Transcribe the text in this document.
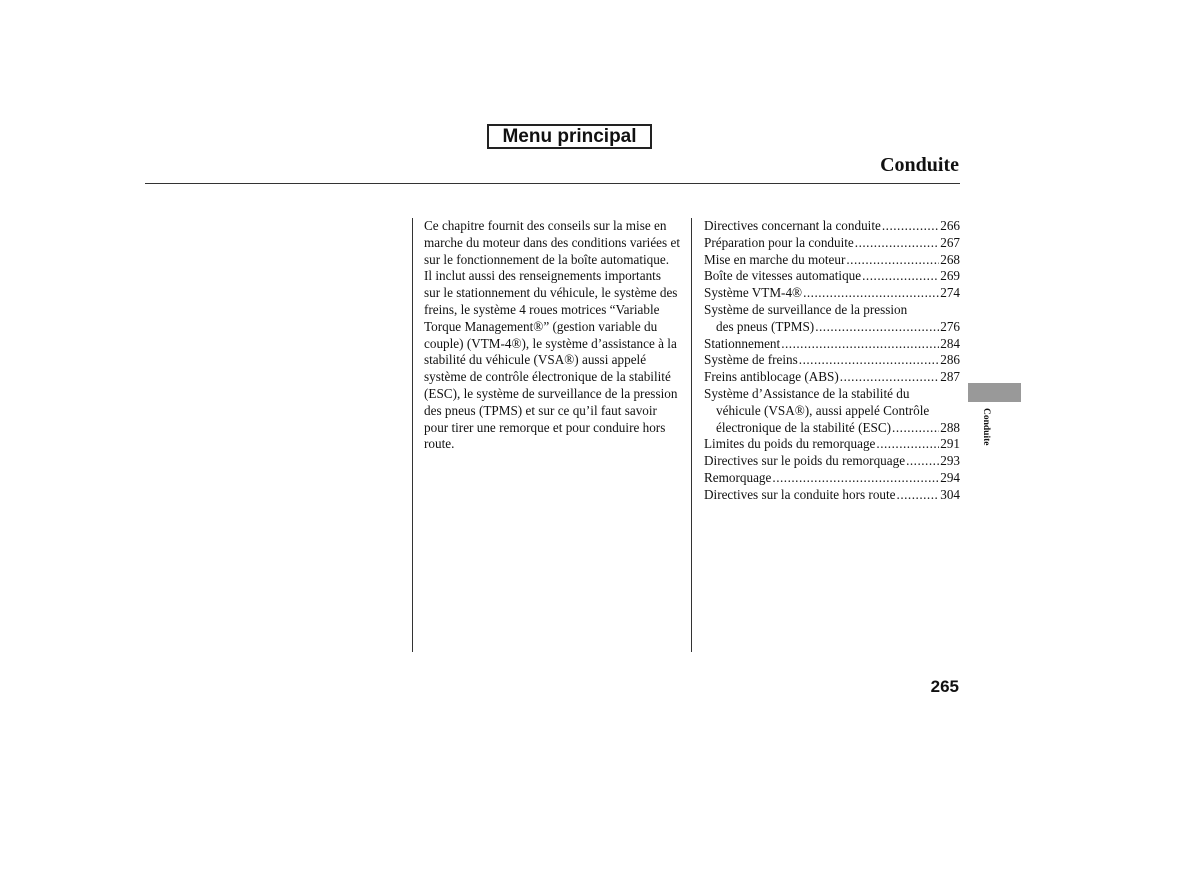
Menu principal
Conduite

Ce chapitre fournit des conseils sur la mise en marche du moteur dans des conditions variées et sur le fonctionnement de la boîte automatique. Il inclut aussi des renseignements importants sur le stationnement du véhicule, le système des freins, le système 4 roues motrices “Variable Torque Management®” (gestion variable du couple) (VTM-4®), le système d’assistance à la stabilité du véhicule (VSA®) aussi appelé système de contrôle électronique de la stabilité (ESC), le système de surveillance de la pression des pneus (TPMS) et sur ce qu’il faut savoir pour tirer une remorque et pour conduire hors route.

Directives concernant la conduite .....	266
Préparation pour la conduite .....	267
Mise en marche du moteur .....	268
Boîte de vitesses automatique .....	269
Système VTM-4® .....	274
Système de surveillance de la pression
des pneus (TPMS) .....	276
Stationnement .....	284
Système de freins .....	286
Freins antiblocage (ABS) .....	287
Système d’Assistance de la stabilité du
véhicule (VSA®), aussi appelé Contrôle
électronique de la stabilité (ESC) .....	288
Limites du poids du remorquage .....	291
Directives sur le poids du remorquage .....	293
Remorquage .....	294
Directives sur la conduite hors route .....	304
Conduite
265
